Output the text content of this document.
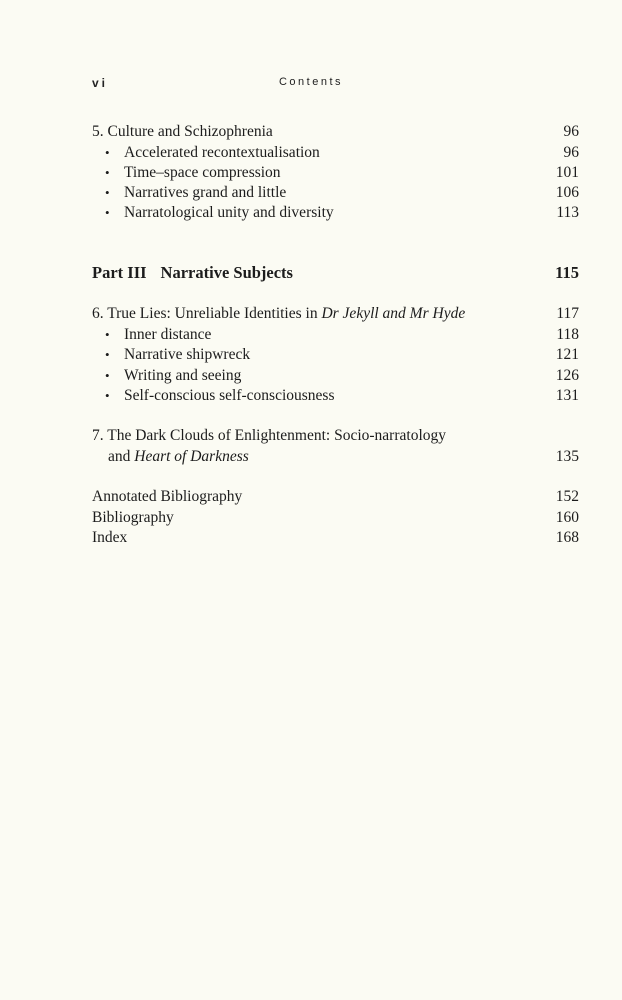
vi	Contents
5. Culture and Schizophrenia	96
• Accelerated recontextualisation	96
• Time–space compression	101
• Narratives grand and little	106
• Narratological unity and diversity	113
Part III Narrative Subjects	115
6. True Lies: Unreliable Identities in Dr Jekyll and Mr Hyde	117
• Inner distance	118
• Narrative shipwreck	121
• Writing and seeing	126
• Self-conscious self-consciousness	131
7. The Dark Clouds of Enlightenment: Socio-narratology
and Heart of Darkness	135
Annotated Bibliography	152
Bibliography	160
Index	168
